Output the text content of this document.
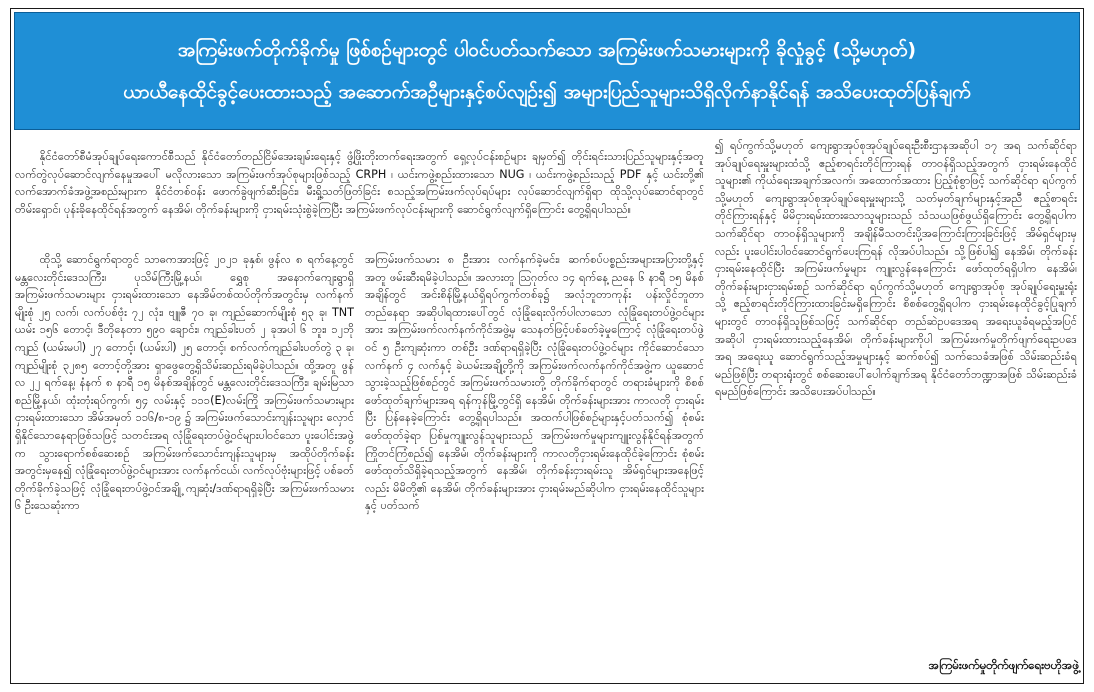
အကြမ်းဖက်တိုက်ခိုက်မှု ဖြစ်စဉ်များတွင် ပါဝင်ပတ်သက်သော အကြမ်းဖက်သမားများကို ခိုလှုံခွင့် (သို့မဟုတ်)
ယာယီနေထိုင်ခွင့်ပေးထားသည့် အဆောက်အဦများနှင့်စပ်လျဉ်း၍ အများပြည်သူများသိရှိလိုက်နာနိုင်ရန် အသိပေးထုတ်ပြန်ချက်

နိုင်ငံတော်စီမံအုပ်ချုပ်ရေးကောင်စီသည် နိုင်ငံတော်တည်ငြိမ်အေးချမ်းရေးနှင့် ဖွံ့ဖြိုးတိုးတက်ရေးအတွက် ရှေ့လုပ်ငန်းစဉ်များ ချမှတ်၍ တိုင်းရင်းသားပြည်သူများနှင့်အတူ လက်တွဲလုပ်ဆောင်လျက်နေမှုအပေါ် မလိုလားသော အကြမ်းဖက်အုပ်စုများဖြစ်သည့် CRPH ၊ ယင်းကဖွဲ့စည်းထားသော NUG ၊ ယင်းကဖွဲ့စည်းသည့် PDF နှင့် ယင်းတို့၏ လက်အောက်ခံအဖွဲ့အစည်းများက နိုင်ငံတစ်ဝန်း ဖောက်ခွဲဖျက်ဆီးခြင်း၊ မီးရှို့သတ်ဖြတ်ခြင်း စသည့်အကြမ်းဖက်လုပ်ရပ်များ လုပ်ဆောင်လျက်ရှိရာ ထိုသို့လုပ်ဆောင်ရာတွင် တိမ်းရှောင်၊ ပုန်းခိုနေထိုင်ရန်အတွက် နေအိမ်၊ တိုက်ခန်းများကို ငှားရမ်းသုံးစွဲခဲ့ကြပြီး အကြမ်းဖက်လုပ်ငန်းများကို ဆောင်ရွက်လျက်ရှိကြောင်း တွေ့ရှိရပါသည်။

ထိုသို့ ဆောင်ရွက်ရာတွင် သာဓကအားဖြင့် ၂၀၂၁ ခုနှစ်၊ ဖွန်လ ၈ ရက်နေ့တွင် မန္တလေးတိုင်းဒေသကြီး၊ ပုသိမ်ကြီးမြို့နယ်၊ ရွှေစု အနောက်ကျေးရွာရှိ အကြမ်းဖက်သမားများ ငှားရမ်းထားသော နေအိမ်တစ်ထပ်တိုက်အတွင်းမှ လက်နက်မျိုးစုံ ၂၅ လက်၊ လက်ပစ်ဗုံး ၇၂ လုံး၊ ဗျူဇီ ၇၀ ခု၊ ကျည်ဆောက်မျိုးစုံ ၅၃ ခု၊ TNT ယမ်း ၁၅၆ တောင့်၊ ဒီတိုနေတာ ၅၉၀ ချောင်း၊ ကျည်ခါးပတ် ၂ ခုအပါ ၆ ဘူး၊ ၁၂ဘိုကျည် (ယမ်းမပါ) ၂၇ တောင့်၊ (ယမ်းပါ) ၂၅ တောင့်၊ စက်လက်ကျည်ခါးပတ်တွဲ ၃ ခု၊ ကျည်မျိုးစုံ ၃၂၈၅ တောင့်တို့အား ရှာဖွေတွေ့ရှိသိမ်းဆည်းရမိခဲ့ပါသည်။ ထို့အတူ ဖွန်လ ၂၂ ရက်နေ့၊ နံနက် ၈ နာရီ ၁၅ မိနစ်အချိန်တွင် မန္တလေးတိုင်းဒေသကြီး၊ ချမ်းမြသာစည်မြို့နယ်၊ ထုံးတုံးရပ်ကွက်၊ ၅၄ လမ်းနှင့် ၁၁၁(E)လမ်းကြို အကြမ်းဖက်သမားများ ငှားရမ်းထားသော အိမ်အမှတ် ၁၁၆/၈-၁၉ ၌ အကြမ်းဖက်သောင်းကျန်းသူများ လှောင်ရှိနိုင်သောနေရာဖြစ်သဖြင့် သတင်းအရ လုံခြုံရေးတပ်ဖွဲ့ဝင်များပါဝင်သော ပူးပေါင်းအဖွဲ့က သွားရောက်စစ်ဆေးစဉ် အကြမ်းဖက်သောင်းကျန်းသူများမှ အထိုပ်တိုက်ခန်းအတွင်းမှနေ၍ လုံခြုံရေးတပ်ဖွဲ့ဝင်များအား လက်နက်ငယ်၊ လက်လုပ်ဗုံးများဖြင့် ပစ်ခတ်တိုက်ခိုက်ခဲ့သဖြင့် လုံခြုံရေးတပ်ဖွဲ့ဝင်အချို့ ကျဆုံး/ဒဏ်ရာရရှိခဲ့ပြီး အကြမ်းဖက်သမား ၆ ဦးသေဆုံးကာ

အကြမ်းဖက်သမား ၈ ဦးအား လက်နက်ခဲ့မင်း၊ ဆက်စပ်ပစ္စည်းအများအပြားတို့နှင့်အတူ ဖမ်းဆီးရမိခဲ့ပါသည်။ အလားတူ ဩဂုတ်လ ၁၄ ရက်နေ့ ညနေ ၆ နာရီ ၁၅ မိနစ်အချိန်တွင် အင်းစိန်မြို့နယ်ရှိရပ်ကွက်တစ်ခု၌ အလုံဘူတာကုန်း ပန်းလှိုင်ဘူတာတည်နေရာ အဆိုပါရထားပေါ်တွင် လုံခြုံရေးလိုက်ပါလာသော လုံခြုံရေးတပ်ဖွဲ့ဝင်များအား အကြမ်းဖက်လက်နက်ကိုင်အဖွဲ့မှ သေနတ်ဖြင့်ပစ်ခတ်ခဲ့မှုကြောင့် လုံခြုံရေးတပ်ဖွဲ့ဝင် ၅ ဦးကျဆုံးကာ တစ်ဦး ဒဏ်ရာရရှိခဲ့ပြီး လုံခြုံရေးတပ်ဖွဲ့ဝင်များ ကိုင်ဆောင်သော လက်နက် ၄ လက်နှင့် ခဲယမ်းအချို့တို့ကို အကြမ်းဖက်လက်နက်ကိုင်အဖွဲ့က ယူဆောင်သွားခဲ့သည့်ဖြစ်စဉ်တွင် အကြမ်းဖက်သမားတို့ တိုက်ခိုက်ရာတွင် တရားခံများကို စိစစ်ဖော်ထုတ်ချက်များအရ ရန်ကုန်မြို့တွင်ရှိ နေအိမ်၊ တိုက်ခန်းများအား ကာလတို ငှားရမ်းပြီး ပြန်နေခဲ့ကြောင်း တွေ့ရှိရပါသည်။ အထက်ပါဖြစ်စဉ်များနှင့်ပတ်သက်၍ စုံစမ်းဖော်ထုတ်ခဲ့ရာ ပြစ်မှုကျူးလွန်သူများသည် အကြမ်းဖက်မှုများကျူးလွန်နိုင်ရန်အတွက် ကြိုတင်ကြံစည်၍ နေအိမ်၊ တိုက်ခန်းများကို ကာလတိုငှားရမ်းနေထိုင်ခဲ့ကြောင်း စုံစမ်းဖော်ထုတ်သိရှိခဲ့ရသည့်အတွက် နေအိမ်၊ တိုက်ခန်းငှားရမ်းသူ အိမ်ရှင်များအနေဖြင့်လည်း မိမိတို့၏ နေအိမ်၊ တိုက်ခန်းများအား ငှားရမ်းမည်ဆိုပါက ငှားရမ်းနေထိုင်သူများနှင့် ပတ်သက်

၍ ရပ်ကွက်သို့မဟုတ် ကျေးရွာအုပ်စုအုပ်ချုပ်ရေးဦးစီးဌာနအဆိုပါ ၁၇ အရ သက်ဆိုင်ရာအုပ်ချုပ်ရေးမှူးများထံသို့ ဧည့်စာရင်းတိုင်ကြားရန် တာဝန်ရှိသည့်အတွက် ငှားရမ်းနေထိုင်သူများ၏ ကိုယ်ရေးအချက်အလက်၊ အထောက်အထား ပြည့်စုံစွာဖြင့် သက်ဆိုင်ရာ ရပ်ကွက်သို့မဟုတ် ကျေးရွာအုပ်စုအုပ်ချုပ်ရေးမှူးများသို့ သတ်မှတ်ချက်များနှင့်အညီ ဧည့်စာရင်းတိုင်ကြားရန်နှင့် မိမိငှားရမ်းထားသောသူများသည် သံသယဖြစ်ဖွယ်ရှိကြောင်း တွေ့ရှိရပါက သက်ဆိုင်ရာ တာဝန်ရှိသူများကို အချိန်မီသတင်းပို့အကြောင်းကြားခြင်းဖြင့် အိမ်ရှင်များမှလည်း ပူးပေါင်းပါဝင်ဆောင်ရွက်ပေးကြရန် လိုအပ်ပါသည်။ သို့ဖြစ်ပါ၍ နေအိမ်၊ တိုက်ခန်း ငှားရမ်းနေထိုင်ပြီး အကြမ်းဖက်မှုများ ကျူးလွန်နေကြောင်း ဖော်ထုတ်ရရှိပါက နေအိမ်၊ တိုက်ခန်းများငှားရမ်းစဉ် သက်ဆိုင်ရာ ရပ်ကွက်သို့မဟုတ် ကျေးရွာအုပ်စု အုပ်ချုပ်ရေးမှူးရုံးသို့ ဧည့်စာရင်းတိုင်ကြားထားခြင်းမရှိကြောင်း စိစစ်တွေ့ရှိရပါက ငှားရမ်းနေထိုင်ခွင့်ပြုချက်များတွင် တာဝန်ရှိသူဖြစ်သဖြင့် သက်ဆိုင်ရာ တည်ဆဲဥပဒေအရ အရေးယူခံရမည့်အပြင် အဆိုပါ ငှားရမ်းထားသည့်နေအိမ်၊ တိုက်ခန်းများကိုပါ အကြမ်းဖက်မှုတိုက်ဖျက်ရေးဥပဒေအရ အရေးယူ ဆောင်ရွက်သည့်အမှုများနှင့် ဆက်စပ်၍ သက်သေခံအဖြစ် သိမ်းဆည်းခံရမည်ဖြစ်ပြီး တရားရုံးတွင် စစ်ဆေးပေါ်ပေါက်ချက်အရ နိုင်ငံတော်ဘဏ္ဍာအဖြစ် သိမ်းဆည်းခံရမည်ဖြစ်ကြောင်း အသိပေးအပ်ပါသည်။

အကြမ်းဖက်မှုတိုက်ဖျက်ရေးဗဟိုအဖွဲ့
